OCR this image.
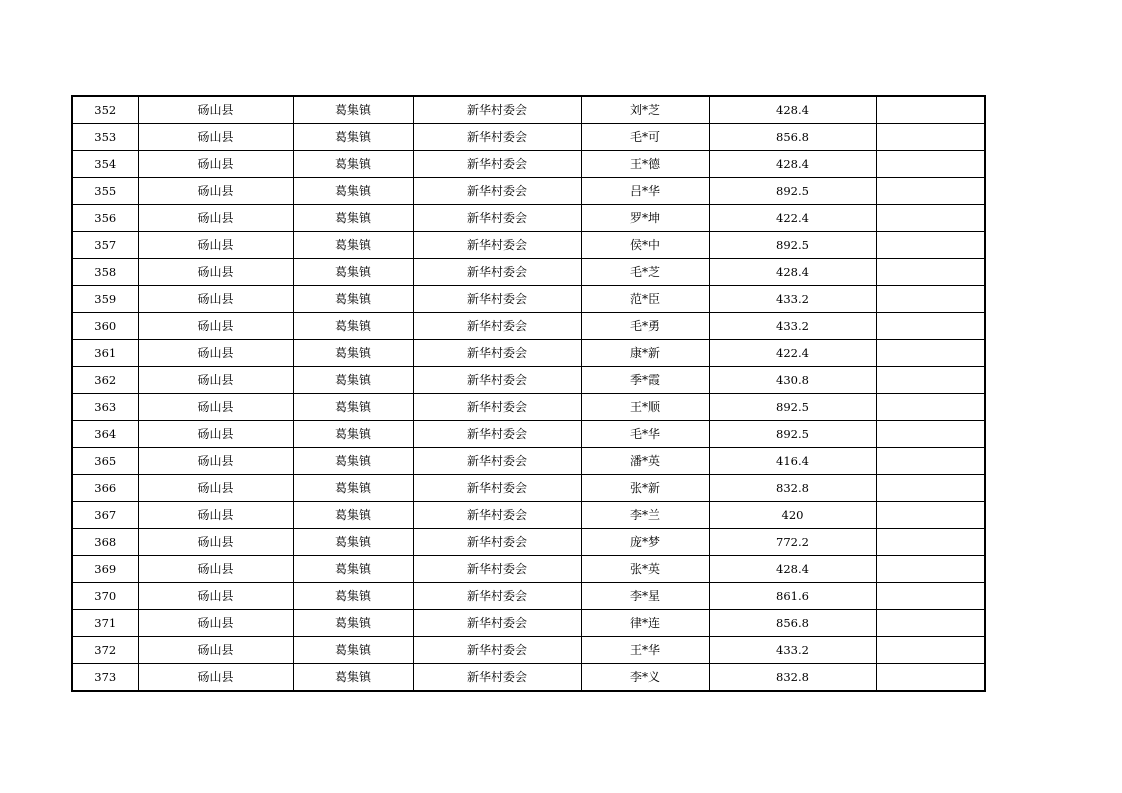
352	砀山县	葛集镇	新华村委会	刘*芝	428.4	
353	砀山县	葛集镇	新华村委会	毛*可	856.8	
354	砀山县	葛集镇	新华村委会	王*德	428.4	
355	砀山县	葛集镇	新华村委会	吕*华	892.5	
356	砀山县	葛集镇	新华村委会	罗*坤	422.4	
357	砀山县	葛集镇	新华村委会	侯*中	892.5	
358	砀山县	葛集镇	新华村委会	毛*芝	428.4	
359	砀山县	葛集镇	新华村委会	范*臣	433.2	
360	砀山县	葛集镇	新华村委会	毛*勇	433.2	
361	砀山县	葛集镇	新华村委会	康*新	422.4	
362	砀山县	葛集镇	新华村委会	季*霞	430.8	
363	砀山县	葛集镇	新华村委会	王*顺	892.5	
364	砀山县	葛集镇	新华村委会	毛*华	892.5	
365	砀山县	葛集镇	新华村委会	潘*英	416.4	
366	砀山县	葛集镇	新华村委会	张*新	832.8	
367	砀山县	葛集镇	新华村委会	李*兰	420	
368	砀山县	葛集镇	新华村委会	庞*梦	772.2	
369	砀山县	葛集镇	新华村委会	张*英	428.4	
370	砀山县	葛集镇	新华村委会	李*星	861.6	
371	砀山县	葛集镇	新华村委会	律*连	856.8	
372	砀山县	葛集镇	新华村委会	王*华	433.2	
373	砀山县	葛集镇	新华村委会	李*义	832.8	
